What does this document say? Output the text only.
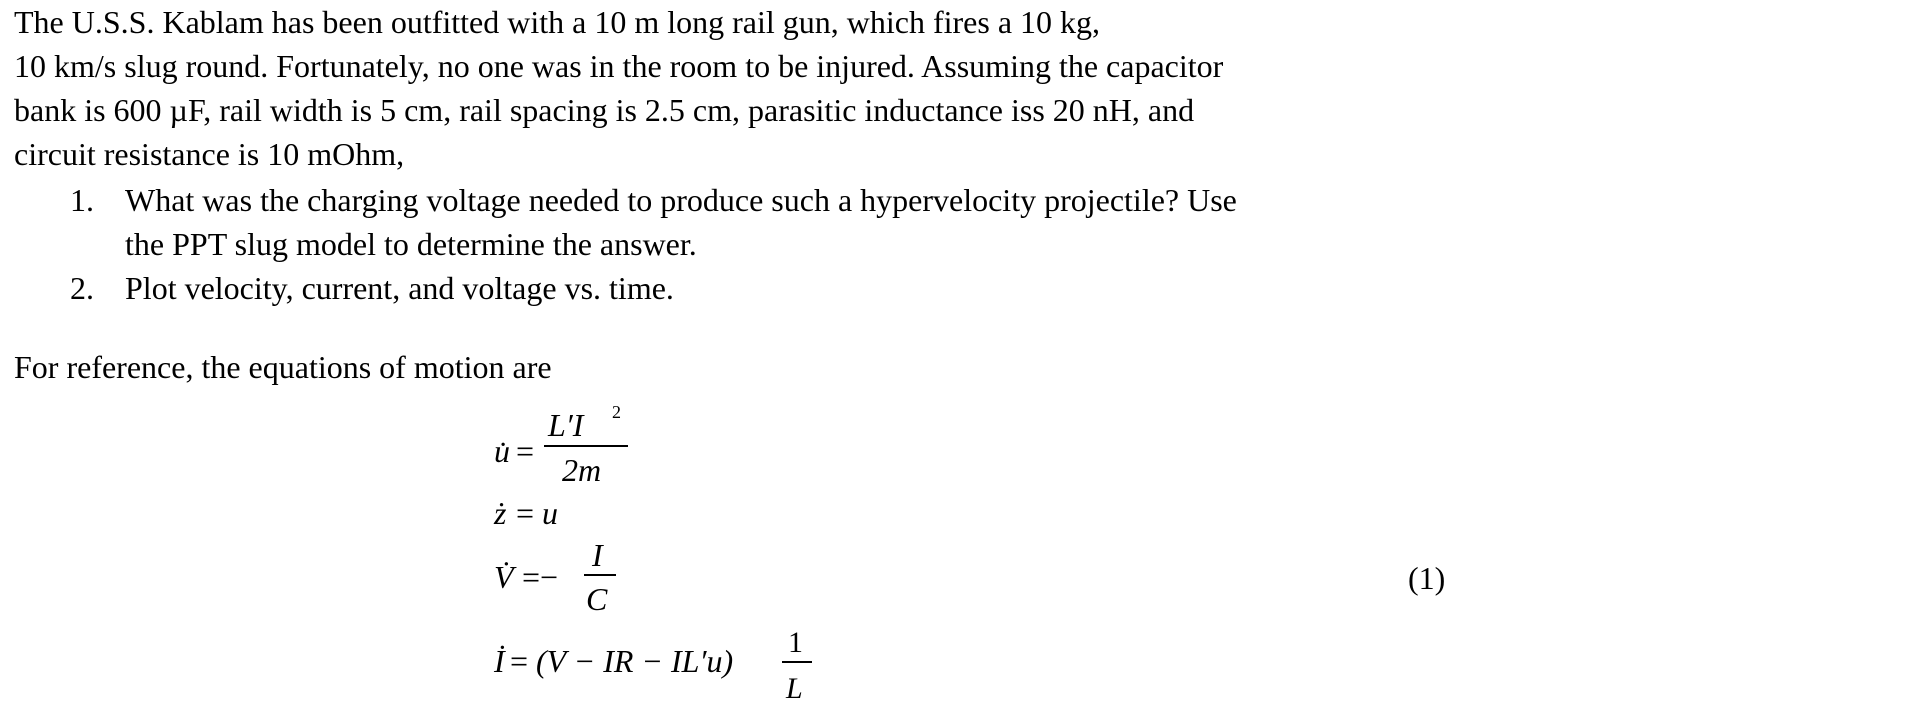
The U.S.S. Kablam has been outfitted with a 10 m long rail gun, which fires a 10 kg,
10 km/s slug round. Fortunately, no one was in the room to be injured. Assuming the capacitor
bank is 600 µF, rail width is 5 cm, rail spacing is 2.5 cm, parasitic inductance iss 20 nH, and
circuit resistance is 10 mOhm,
1. What was the charging voltage needed to produce such a hypervelocity projectile? Use
the PPT slug model to determine the answer.
2. Plot velocity, current, and voltage vs. time.
For reference, the equations of motion are
u̇ =
L′I 2
2m
ż = u
V̇ =−
I
C
İ = (V − IR − IL′u)
1
L
(1)
